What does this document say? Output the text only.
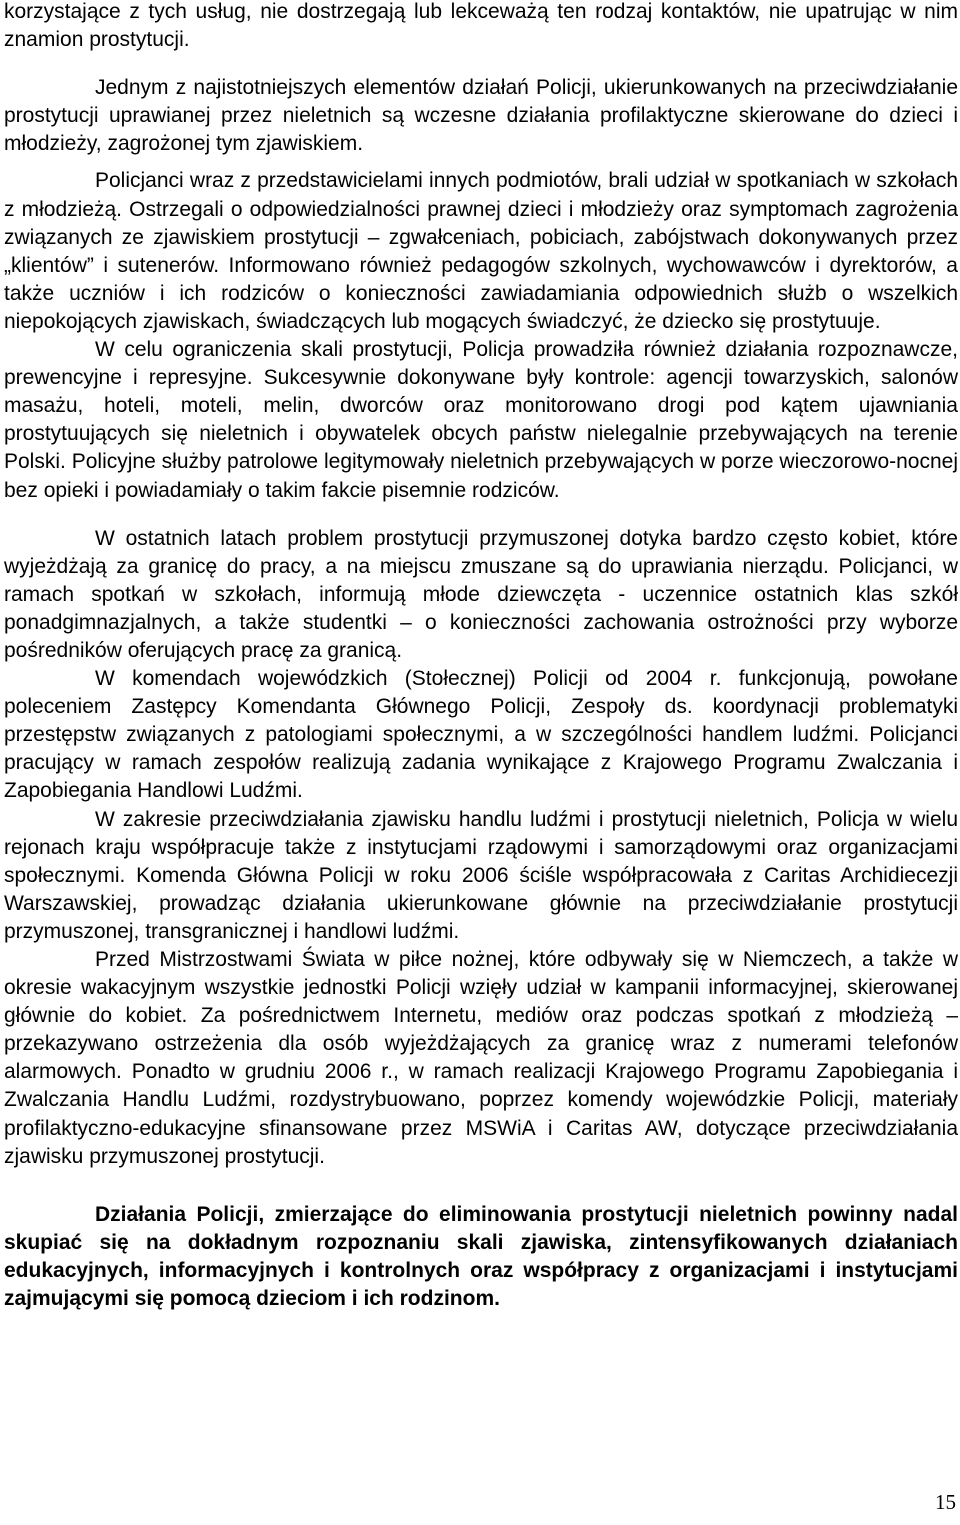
korzystające z tych usług, nie dostrzegają lub lekceważą ten rodzaj kontaktów, nie upatrując w nim znamion prostytucji.

Jednym z najistotniejszych elementów działań Policji, ukierunkowanych na przeciwdziałanie prostytucji uprawianej przez nieletnich są wczesne działania profilaktyczne skierowane do dzieci i młodzieży, zagrożonej tym zjawiskiem.

Policjanci wraz z przedstawicielami innych podmiotów, brali udział w spotkaniach w szkołach z młodzieżą. Ostrzegali o odpowiedzialności prawnej dzieci i młodzieży oraz symptomach zagrożenia związanych ze zjawiskiem prostytucji – zgwałceniach, pobiciach, zabójstwach dokonywanych przez „klientów” i sutenerów. Informowano również pedagogów szkolnych, wychowawców i dyrektorów, a także uczniów i ich rodziców o konieczności zawiadamiania odpowiednich służb o wszelkich niepokojących zjawiskach, świadczących lub mogących świadczyć, że dziecko się prostytuuje.

W celu ograniczenia skali prostytucji, Policja prowadziła również działania rozpoznawcze, prewencyjne i represyjne. Sukcesywnie dokonywane były kontrole: agencji towarzyskich, salonów masażu, hoteli, moteli, melin, dworców oraz monitorowano drogi pod kątem ujawniania prostytuujących się nieletnich i obywatelek obcych państw nielegalnie przebywających na terenie Polski. Policyjne służby patrolowe legitymowały nieletnich przebywających w porze wieczorowo-nocnej bez opieki i powiadamiały o takim fakcie pisemnie rodziców.

W ostatnich latach problem prostytucji przymuszonej dotyka bardzo często kobiet, które wyjeżdżają za granicę do pracy, a na miejscu zmuszane są do uprawiania nierządu. Policjanci, w ramach spotkań w szkołach, informują młode dziewczęta - uczennice ostatnich klas szkół ponadgimnazjalnych, a także studentki – o konieczności zachowania ostrożności przy wyborze pośredników oferujących pracę za granicą.

W komendach wojewódzkich (Stołecznej) Policji od 2004 r. funkcjonują, powołane poleceniem Zastępcy Komendanta Głównego Policji, Zespoły ds. koordynacji problematyki przestępstw związanych z patologiami społecznymi, a w szczególności handlem ludźmi. Policjanci pracujący w ramach zespołów realizują zadania wynikające z Krajowego Programu Zwalczania i Zapobiegania Handlowi Ludźmi.

W zakresie przeciwdziałania zjawisku handlu ludźmi i prostytucji nieletnich, Policja w wielu rejonach kraju współpracuje także z instytucjami rządowymi i samorządowymi oraz organizacjami społecznymi. Komenda Główna Policji w roku 2006 ściśle współpracowała z Caritas Archidiecezji Warszawskiej, prowadząc działania ukierunkowane głównie na przeciwdziałanie prostytucji przymuszonej, transgranicznej i handlowi ludźmi.

Przed Mistrzostwami Świata w piłce nożnej, które odbywały się w Niemczech, a także w okresie wakacyjnym wszystkie jednostki Policji wzięły udział w kampanii informacyjnej, skierowanej głównie do kobiet. Za pośrednictwem Internetu, mediów oraz podczas spotkań z młodzieżą – przekazywano ostrzeżenia dla osób wyjeżdżających za granicę wraz z numerami telefonów alarmowych. Ponadto w grudniu 2006 r., w ramach realizacji Krajowego Programu Zapobiegania i Zwalczania Handlu Ludźmi, rozdystrybuowano, poprzez komendy wojewódzkie Policji, materiały profilaktyczno-edukacyjne sfinansowane przez MSWiA i Caritas AW, dotyczące przeciwdziałania zjawisku przymuszonej prostytucji.

Działania Policji, zmierzające do eliminowania prostytucji nieletnich powinny nadal skupiać się na dokładnym rozpoznaniu skali zjawiska, zintensyfikowanych działaniach edukacyjnych, informacyjnych i kontrolnych oraz współpracy z organizacjami i instytucjami zajmującymi się pomocą dzieciom i ich rodzinom.

15
